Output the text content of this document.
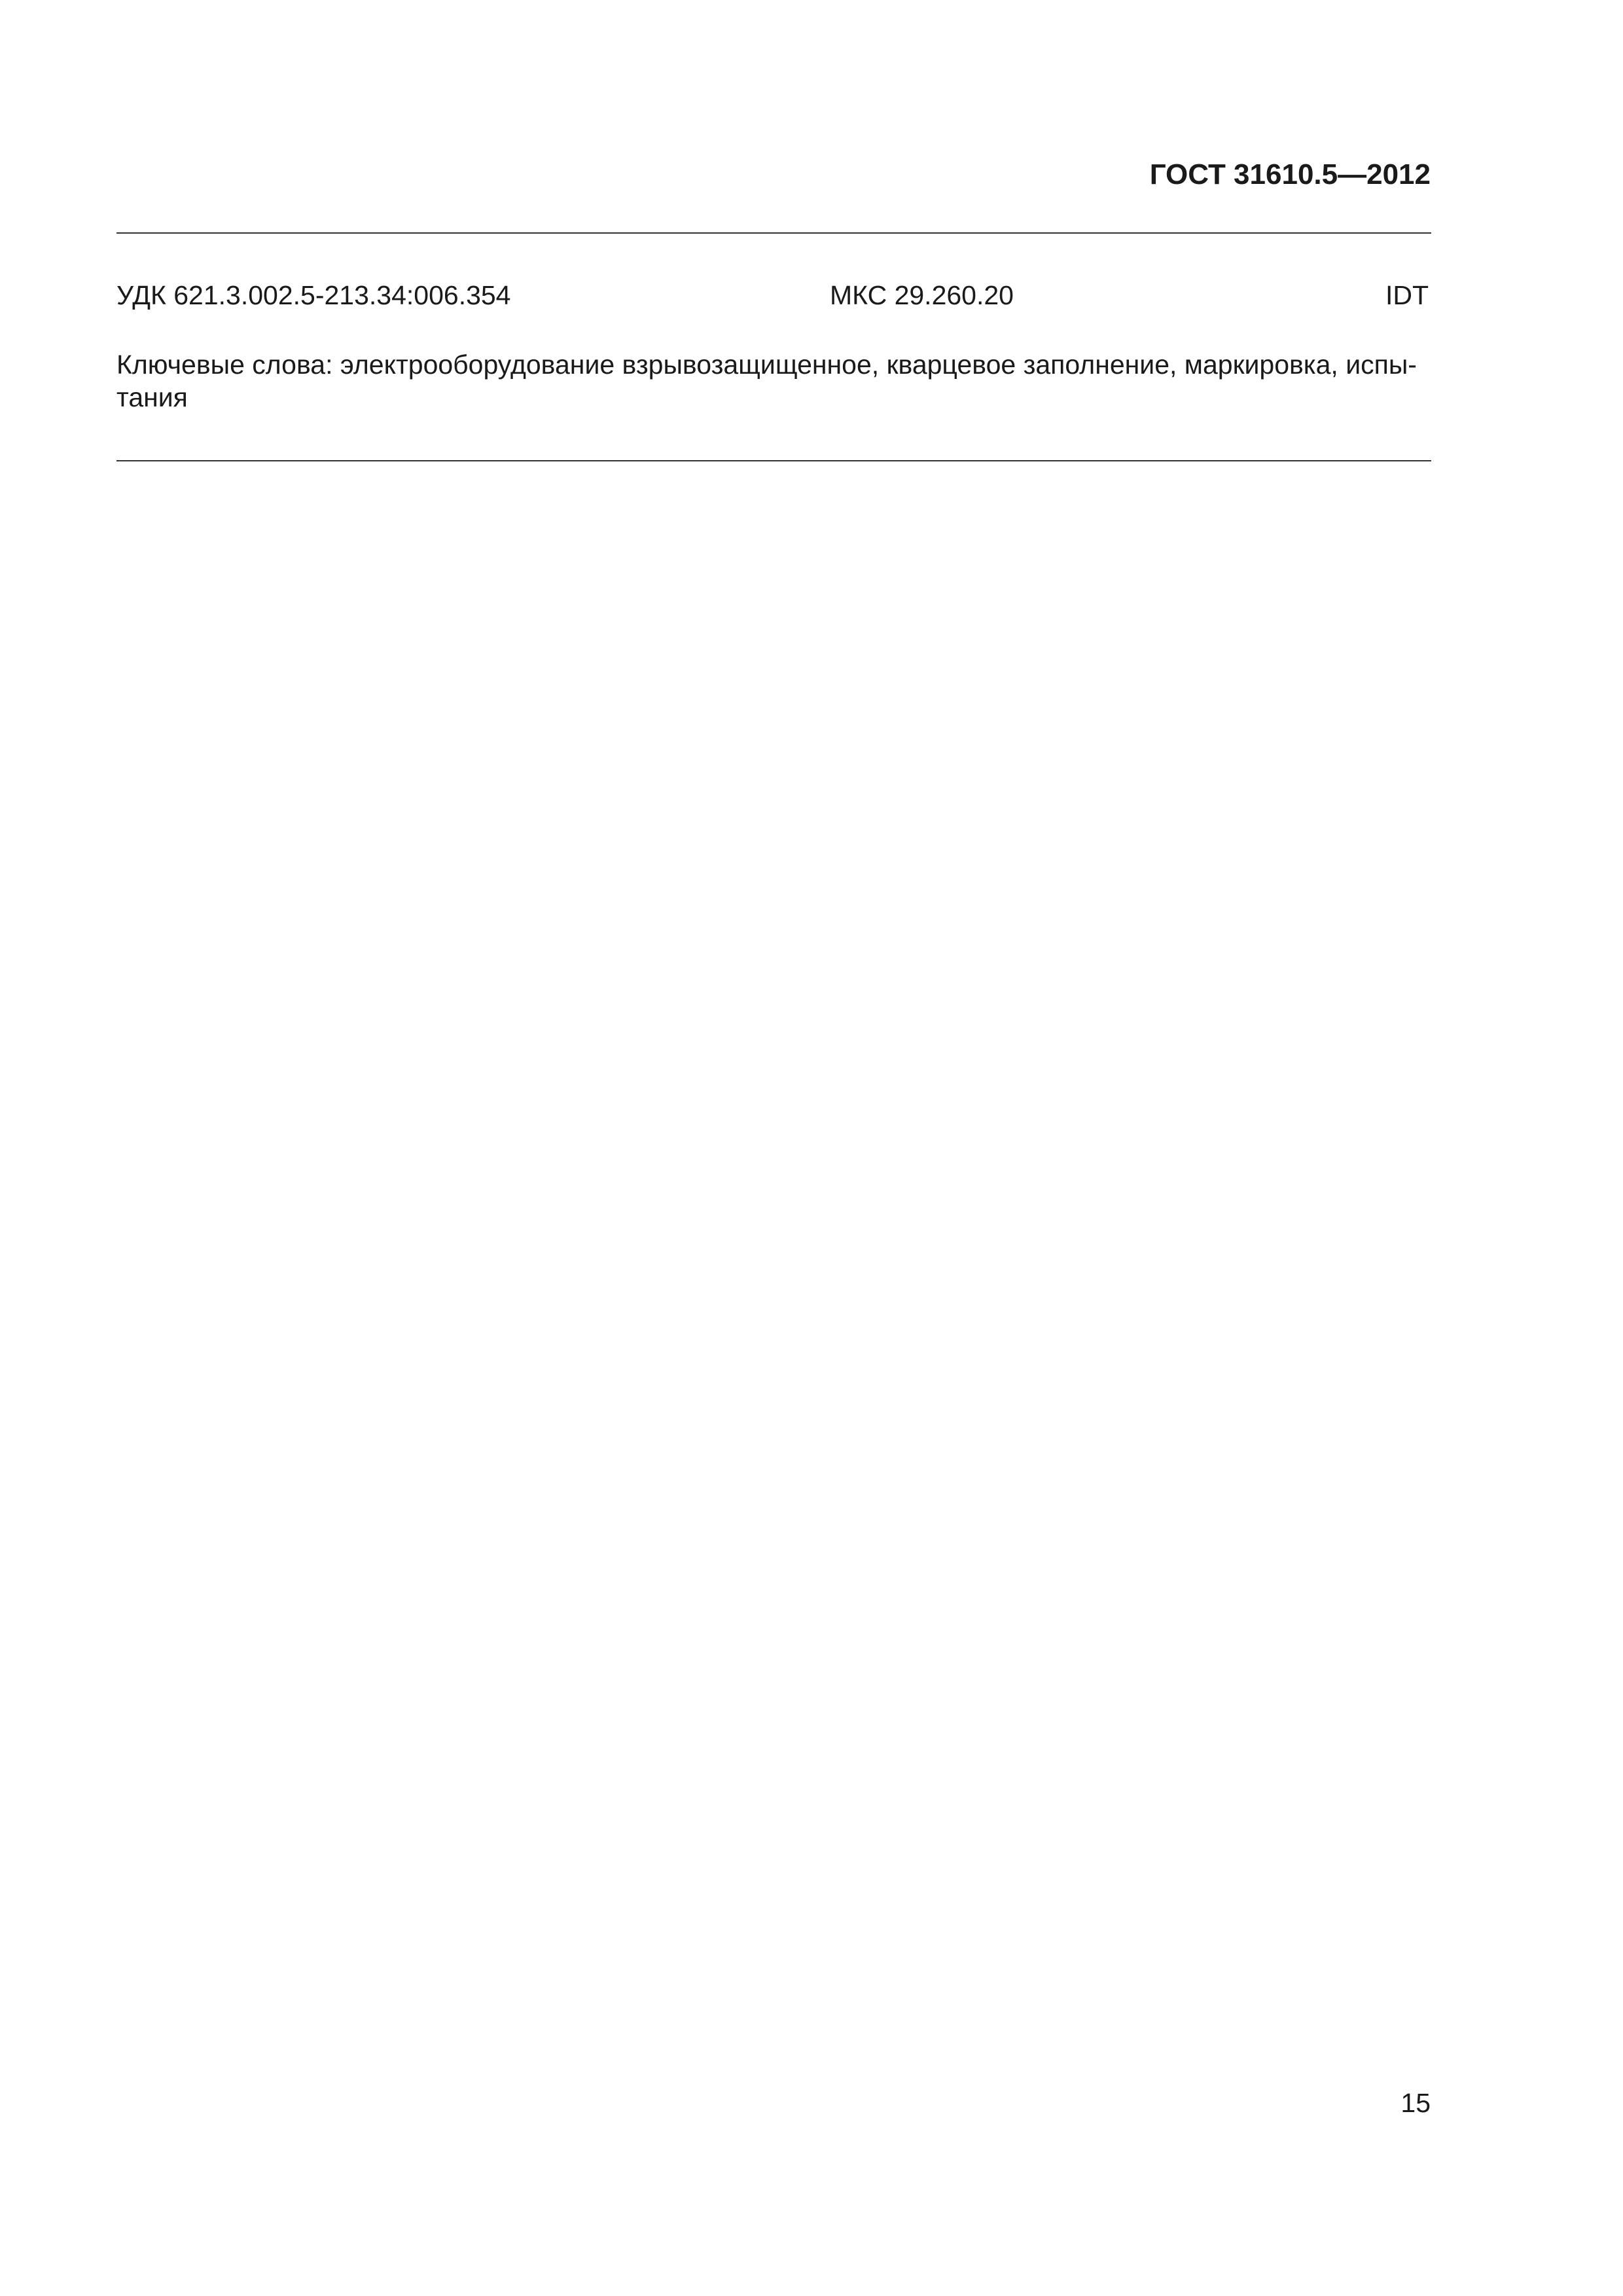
ГОСТ 31610.5—2012
УДК 621.3.002.5-213.34:006.354	МКС 29.260.20	IDT
Ключевые слова: электрооборудование взрывозащищенное, кварцевое заполнение, маркировка, испы-
тания
15
